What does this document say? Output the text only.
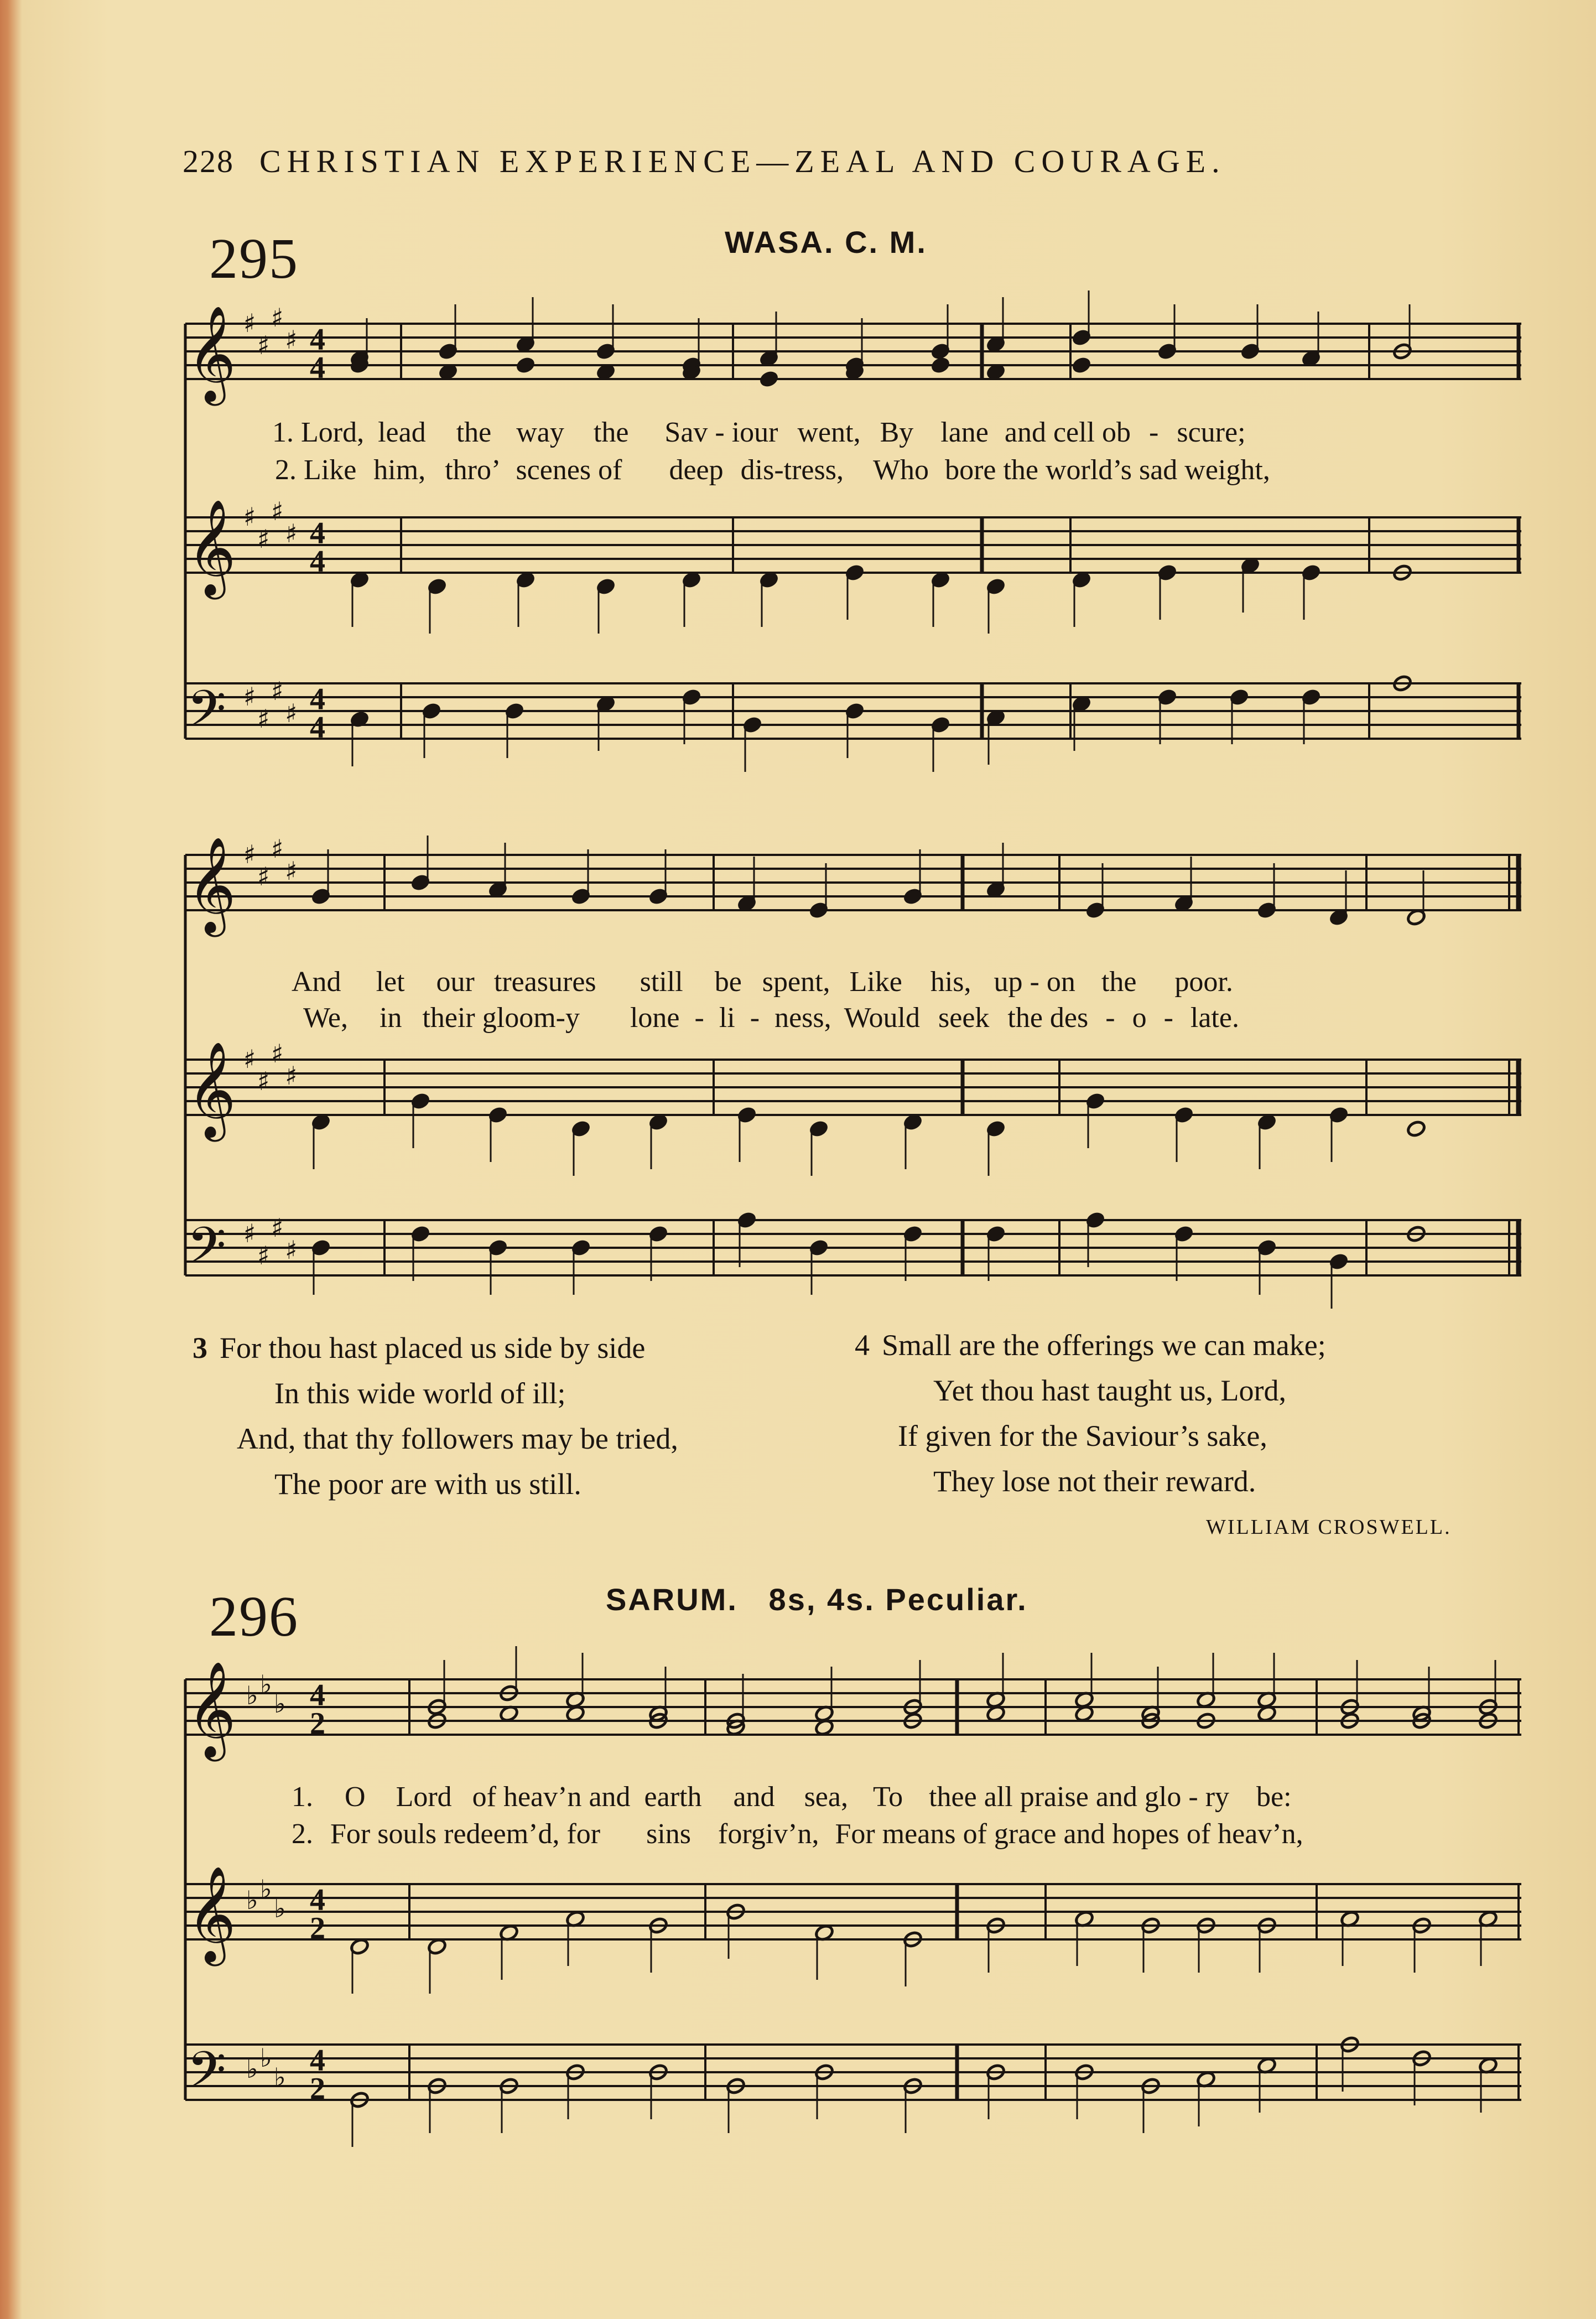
228 CHRISTIAN EXPERIENCE—ZEAL AND COURAGE.
295	WASA. C. M.
𝄞
𝄞
𝄢
𝄞
𝄞
𝄢
𝄞
𝄞
𝄢
♯
♯
♯
♯
♯
♯
♯
♯
♯
♯
♯
♯
♯
♯
♯
♯
♯
♯
♯
♯
♯
♯
♯
♯
♭ ♭
♭
♭ ♭
♭
♭ ♭
♭
4
4
4
4
4
4
4
2
4
2
4
2
1. Lord, lead the way the Sav - iour went, By lane and cell ob - scure;
2. Like him, thro’ scenes of deep dis-tress, Who bore the world’s sad weight,
And let our treasures still be spent, Like his, up - on the poor.
We, in their gloom-y lone - li - ness, Would seek the des - o - late.
3 For thou hast placed us side by side
In this wide world of ill;
And, that thy followers may be tried,
The poor are with us still.
4 Small are the offerings we can make;
Yet thou hast taught us, Lord,
If given for the Saviour’s sake,
They lose not their reward.
WILLIAM CROSWELL.
296	SARUM.   8s, 4s. Peculiar.
1. O Lord of heav’n and earth and sea, To thee all praise and glo - ry be:
2. For souls redeem’d, for sins forgiv’n, For means of grace and hopes of heav’n,
